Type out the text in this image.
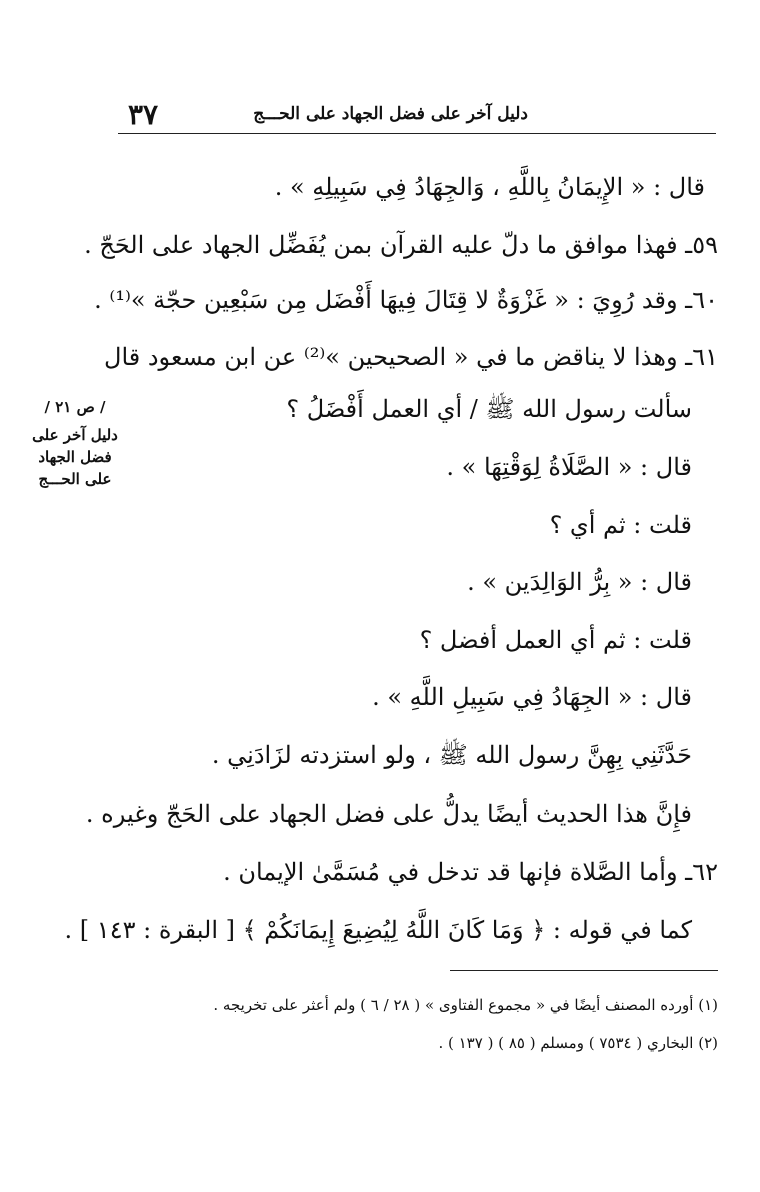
٣٧	دليل آخر على فضل الجهاد على الحـــج
/ ص ٢١ /
دليل آخر على فضل الجهاد على الحـــج
قال : « الإِيمَانُ بِاللَّهِ ، وَالجِهَادُ فِي سَبِيلِهِ » .
٥٩ـ فهذا موافق ما دلّ عليه القرآن بمن يُفَضِّل الجهاد على الحَجّ .
٦٠ـ وقد رُوِيَ : « غَزْوَةٌ لا قِتَالَ فِيهَا أَفْضَل مِن سَبْعِين حجّة »⁽¹⁾ .
٦١ـ وهذا لا يناقض ما في « الصحيحين »⁽²⁾ عن ابن مسعود قال
سألت رسول الله ﷺ / أي العمل أَفْضَلُ ؟
قال : « الصَّلَاةُ لِوَقْتِهَا » .
قلت : ثم أي ؟
قال : « بِرُّ الوَالِدَين » .
قلت : ثم أي العمل أفضل ؟
قال : « الجِهَادُ فِي سَبِيلِ اللَّهِ » .
حَدَّثَنِي بِهِنَّ رسول الله ﷺ ، ولو استزدته لزَادَنِي .
فإِنَّ هذا الحديث أيضًا يدلُّ على فضل الجهاد على الحَجّ وغيره .
٦٢ـ وأما الصَّلاة فإنها قد تدخل في مُسَمَّىٰ الإيمان .
كما في قوله : ﴿ وَمَا كَانَ اللَّهُ لِيُضِيعَ إِيمَانَكُمْ ﴾ [ البقرة : ١٤٣ ] .
(١) أورده المصنف أيضًا في « مجموع الفتاوى » ( ٢٨ / ٦ ) ولم أعثر على تخريجه .
(٢) البخاري ( ٧٥٣٤ ) ومسلم ( ٨٥ ) ( ١٣٧ ) .
